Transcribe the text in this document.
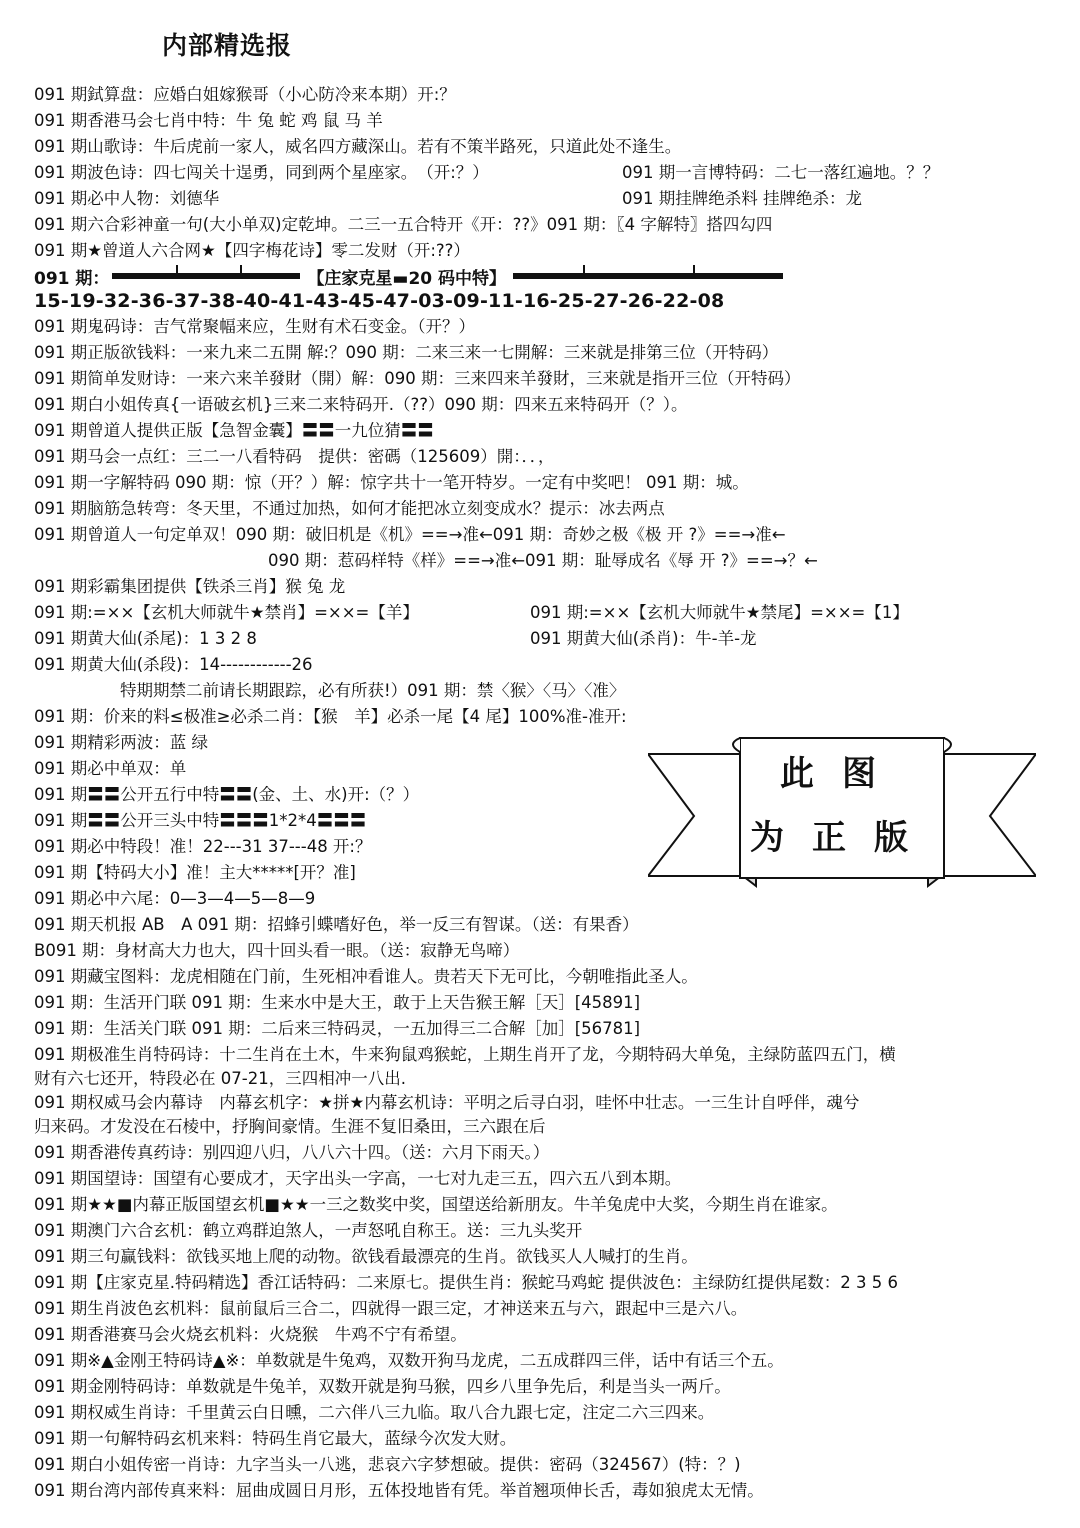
内部精选报
091 期鉽算盘：应婚白姐嫁猴哥（小心防冷来本期）开:？
091 期香港马会七肖中特：牛 兔 蛇 鸡 鼠 马 羊
091 期山歌诗：牛后虎前一家人，威名四方藏深山。若有不策半路死，只道此处不逢生。
091 期波色诗：四七闯关十逞勇，同到两个星座家。　（开:？）	091 期一言博特码：二七一落红遍地。？？
091 期必中人物：刘德华	091 期挂牌绝杀料 挂牌绝杀：龙
091 期六合彩神童一句(大小单双)定乾坤。二三一五合特开《开：??》091 期：〖4 字解特〗搭四勾四
091 期★曾道人六合网★【四字梅花诗】零二发财（开:??）
091 期鬼码诗：吉气常聚幅来应，生财有术石变金。（开？）
091 期正版欲钱料：一来九来二五開 解:？090 期：二来三来一七開解：三来就是排第三位（开特码）
091 期简单发财诗：一来六来羊發財（開）解：090 期：三来四来羊發財，三来就是指开三位（开特码）
091 期白小姐传真{一语破玄机}三来二来特码开.（??）090 期：四来五来特码开（？）。
091 期曾道人提供正版【急智金囊】〓〓一九位猜〓〓
091 期马会一点红：三二一八看特码　提供：密碼（125609）開：．．，
091 期一字解特码 090 期：惊（开？）解：惊字共十一笔开特岁。一定有中奖吧！ 091 期：城。
091 期脑筋急转弯：冬天里，不通过加热，如何才能把冰立刻变成水？提示：冰去两点
091 期曾道人一句定单双！090 期：破旧机是《机》==→准←091 期：奇妙之极《极 开 ?》==→准←
090 期：惹码样特《样》==→准←091 期：耻辱成名《辱 开 ?》==→？←
091 期彩霸集团提供【铁杀三肖】猴 兔 龙
091 期:=××【玄机大师就牛★禁肖】=××=【羊】	091 期:=××【玄机大师就牛★禁尾】=××=【1】
091 期黄大仙(杀尾)：1 3 2 8	091 期黄大仙(杀肖)：牛-羊-龙
091 期黄大仙(杀段)：14------------26
特期期禁二前请长期跟踪，必有所获!）091 期：禁〈猴〉〈马〉〈准〉
091 期：价来的料≤极准≥必杀二肖：【猴　羊】必杀一尾【4 尾】100%准-准开:
091 期精彩两波：蓝 绿
091 期必中单双：单
091 期〓〓公开五行中特〓〓(金、土、水)开:（？）
091 期〓〓公开三头中特〓〓〓1*2*4〓〓〓
091 期必中特段！准！22---31 37---48 开:？
091 期【特码大小】准！主大*****[开？准]
091 期必中六尾：0—3—4—5—8—9
091 期天机报 AB　A 091 期：招蜂引蝶嗜好色，举一反三有智谋。（送：有果香）
B091 期：身材高大力也大，四十回头看一眼。（送：寂静无鸟啼）
091 期藏宝图料：龙虎相随在门前，生死相冲看谁人。贵若天下无可比，今朝唯指此圣人。
091 期：生活开门联 091 期：生来水中是大王，敢于上天告猴王解［天］[45891]
091 期：生活关门联 091 期：二后来三特码灵，一五加得三二合解［加］[56781]
091 期极准生肖特码诗：十二生肖在土木，牛来狗鼠鸡猴蛇，上期生肖开了龙，今期特码大单兔，主绿防蓝四五门，横
财有六七还开，特段必在 07-21，三四相冲一八出.
091 期权威马会内幕诗　内幕玄机字：★拼★内幕玄机诗：平明之后寻白羽，哇怀中壮志。一三生计自呼伴，魂兮
归来码。才发没在石棱中，抒胸间豪情。生涯不复旧桑田，三六跟在后
091 期香港传真药诗：别四迎八归，八八六十四。（送：六月下雨天。）
091 期国望诗：国望有心要成才，天字出头一字高，一七对九走三五，四六五八到本期。
091 期★★■内幕正版国望玄机■★★一三之数奖中奖，国望送给新朋友。牛羊兔虎中大奖，今期生肖在谁家。
091 期澳门六合玄机：鹤立鸡群迫煞人，一声怒吼自称王。送：三九头奖开
091 期三句赢钱料：欲钱买地上爬的动物。欲钱看最漂亮的生肖。欲钱买人人喊打的生肖。
091 期【庄家克星.特码精选】香江话特码：二来原七。提供生肖：猴蛇马鸡蛇 提供波色：主绿防红提供尾数：2 3 5 6
091 期生肖波色玄机料：鼠前鼠后三合二，四就得一跟三定，才神送来五与六，跟起中三是六八。
091 期香港赛马会火烧玄机料：火烧猴　牛鸡不宁有希望。
091 期※▲金刚王特码诗▲※：单数就是牛兔鸡，双数开狗马龙虎，二五成群四三伴，话中有话三个五。
091 期金刚特码诗：单数就是牛兔羊，双数开就是狗马猴，四乡八里争先后，利是当头一两斤。
091 期权威生肖诗：千里黄云白日曛，二六伴八三九临。取八合九跟七定，注定二六三四来。
091 期一句解特码玄机来料：特码生肖它最大，蓝绿今次发大财。
091 期白小姐传密一肖诗：九字当头一八逃，悲哀六字梦想破。提供：密码（324567）(特：？)
091 期台湾内部传真来料：屈曲成圆日月形，五体投地皆有凭。举首翘项伸长舌，毒如狼虎太无情。
091 期：	【庄家克星▬20 码中特】
15-19-32-36-37-38-40-41-43-45-47-03-09-11-16-25-27-26-22-08
此图
为正版
